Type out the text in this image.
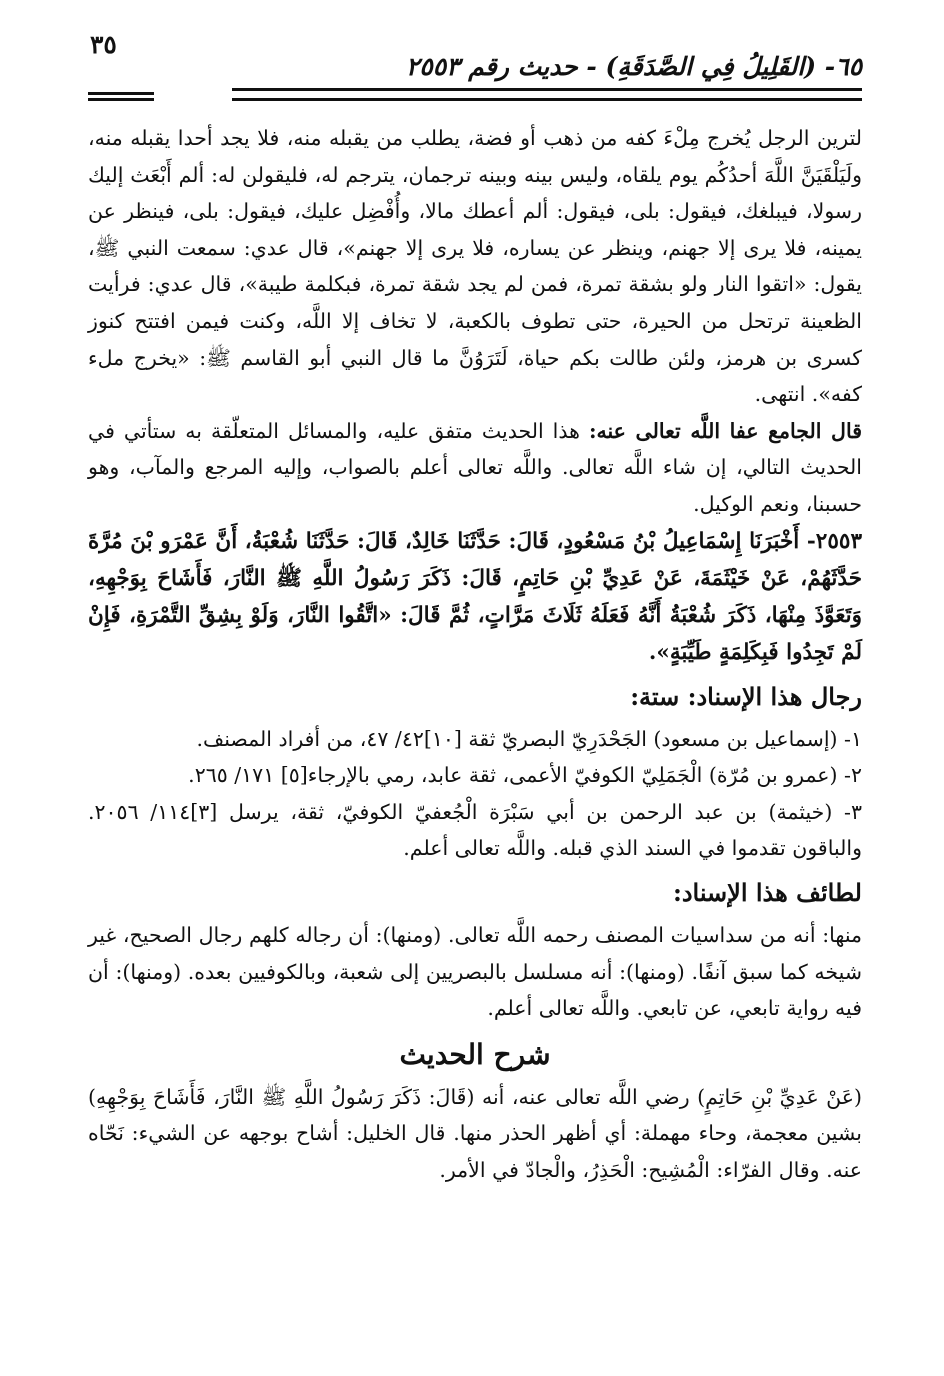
٦٥- (القَلِيلُ فِي الصَّدَقَةِ) - حديث رقم ٢٥٥٣
٣٥

لترين الرجل يُخرج مِلْءَ كفه من ذهب أو فضة، يطلب من يقبله منه، فلا يجد أحدا يقبله منه، ولَيَلْقَيَنَّ اللَّهَ أحدُكُم يوم يلقاه، وليس بينه وبينه ترجمان، يترجم له، فليقولن له: ألم أَبْعَث إليك رسولا، فيبلغك، فيقول: بلى، فيقول: ألم أعطك مالا، وأُفْضِل عليك، فيقول: بلى، فينظر عن يمينه، فلا يرى إلا جهنم، وينظر عن يساره، فلا يرى إلا جهنم»، قال عدي: سمعت النبي ﷺ، يقول: «اتقوا النار ولو بشقة تمرة، فمن لم يجد شقة تمرة، فبكلمة طيبة»، قال عدي: فرأيت الظعينة ترتحل من الحيرة، حتى تطوف بالكعبة، لا تخاف إلا اللَّه، وكنت فيمن افتتح كنوز كسرى بن هرمز، ولئن طالت بكم حياة، لَتَرَوُنَّ ما قال النبي أبو القاسم ﷺ: «يخرج ملء كفه». انتهى.

قال الجامع عفا اللَّه تعالى عنه: هذا الحديث متفق عليه، والمسائل المتعلّقة به ستأتي في الحديث التالي، إن شاء اللَّه تعالى. واللَّه تعالى أعلم بالصواب، وإليه المرجع والمآب، وهو حسبنا، ونعم الوكيل.

٢٥٥٣- أَخْبَرَنَا إِسْمَاعِيلُ بْنُ مَسْعُودٍ، قَالَ: حَدَّثَنَا خَالِدٌ، قَالَ: حَدَّثَنَا شُعْبَةُ، أَنَّ عَمْرَو بْنَ مُرَّةَ حَدَّثَهُمْ، عَنْ خَيْثَمَةَ، عَنْ عَدِيِّ بْنِ حَاتِمٍ، قَالَ: ذَكَرَ رَسُولُ اللَّهِ ﷺ النَّارَ، فَأَشَاحَ بِوَجْهِهِ، وَتَعَوَّذَ مِنْهَا، ذَكَرَ شُعْبَةُ أَنَّهُ فَعَلَهُ ثَلَاثَ مَرَّاتٍ، ثُمَّ قَالَ: «اتَّقُوا النَّارَ، وَلَوْ بِشِقِّ التَّمْرَةِ، فَإِنْ لَمْ تَجِدُوا فَبِكَلِمَةٍ طَيِّبَةٍ».

رجال هذا الإسناد: ستة:

١- (إسماعيل بن مسعود) الجَحْدَرِيّ البصريّ ثقة [١٠]٤٢/ ٤٧، من أفراد المصنف.

٢- (عمرو بن مُرّة) الْجَمَلِيّ الكوفيّ الأعمى، ثقة عابد، رمي بالإرجاء[٥] ١٧١/ ٢٦٥.

٣- (خيثمة) بن عبد الرحمن بن أبي سَبْرَة الْجُعفيّ الكوفيّ، ثقة، يرسل [٣]١١٤/ ٢٠٥٦. والباقون تقدموا في السند الذي قبله. واللَّه تعالى أعلم.

لطائف هذا الإسناد:

منها: أنه من سداسيات المصنف رحمه اللَّه تعالى. (ومنها): أن رجاله كلهم رجال الصحيح، غير شيخه كما سبق آنفًا. (ومنها): أنه مسلسل بالبصريين إلى شعبة، وبالكوفيين بعده. (ومنها): أن فيه رواية تابعي، عن تابعي. واللَّه تعالى أعلم.

شرح الحديث

(عَنْ عَدِيِّ بْنِ حَاتِمٍ) رضي اللَّه تعالى عنه، أنه (قَالَ: ذَكَرَ رَسُولُ اللَّهِ ﷺ النَّارَ، فَأَشَاحَ بِوَجْهِهِ) بشين معجمة، وحاء مهملة: أي أظهر الحذر منها. قال الخليل: أشاح بوجهه عن الشيء: نَحّاه عنه. وقال الفرّاء: الْمُشِيح: الْحَذِرُ، والْجادّ في الأمر.
